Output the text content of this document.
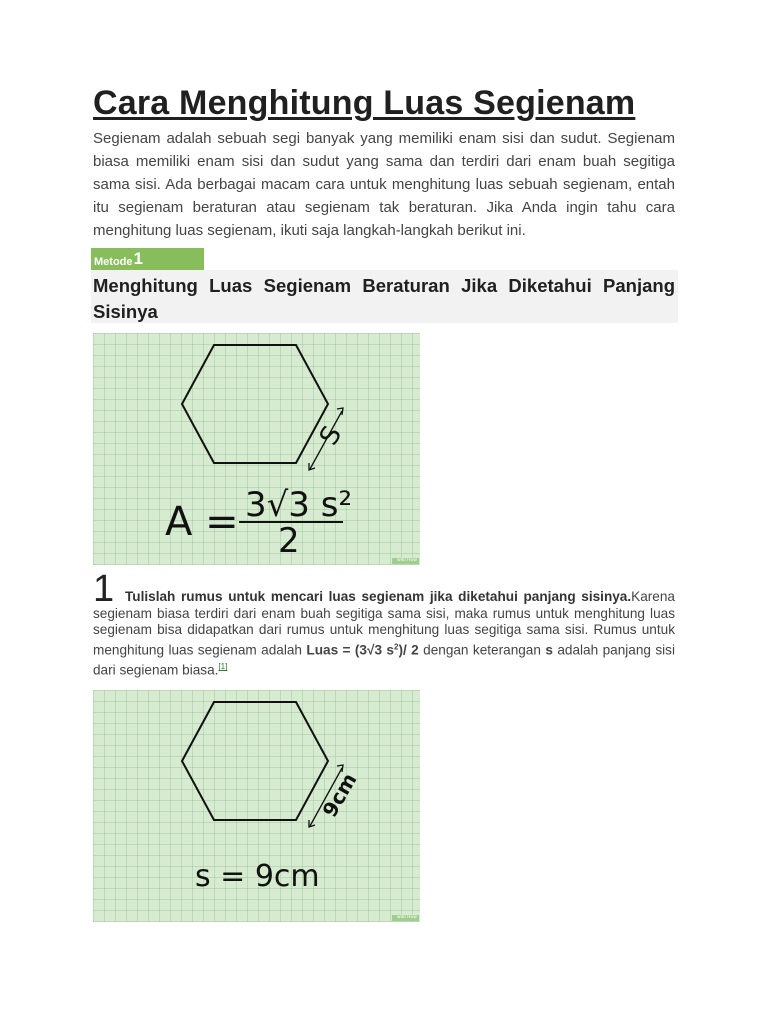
Cara Menghitung Luas Segienam

Segienam adalah sebuah segi banyak yang memiliki enam sisi dan sudut. Segienam biasa memiliki enam sisi dan sudut yang sama dan terdiri dari enam buah segitiga sama sisi. Ada berbagai macam cara untuk menghitung luas sebuah segienam, entah itu segienam beraturan atau segienam tak beraturan. Jika Anda ingin tahu cara menghitung luas segienam, ikuti saja langkah-langkah berikut ini.

Metode 1
Menghitung Luas Segienam Beraturan Jika Diketahui Panjang Sisinya
S
A = 3√3 s²
2	wiki How
1 Tulislah rumus untuk mencari luas segienam jika diketahui panjang sisinya.Karena segienam biasa terdiri dari enam buah segitiga sama sisi, maka rumus untuk menghitung luas segienam bisa didapatkan dari rumus untuk menghitung luas segitiga sama sisi. Rumus untuk menghitung luas segienam adalah Luas = (3√3 $s^2)/$ 2 dengan keterangan s adalah panjang sisi dari segienam biasa.[1]

9cm
s = 9cm
wiki How
